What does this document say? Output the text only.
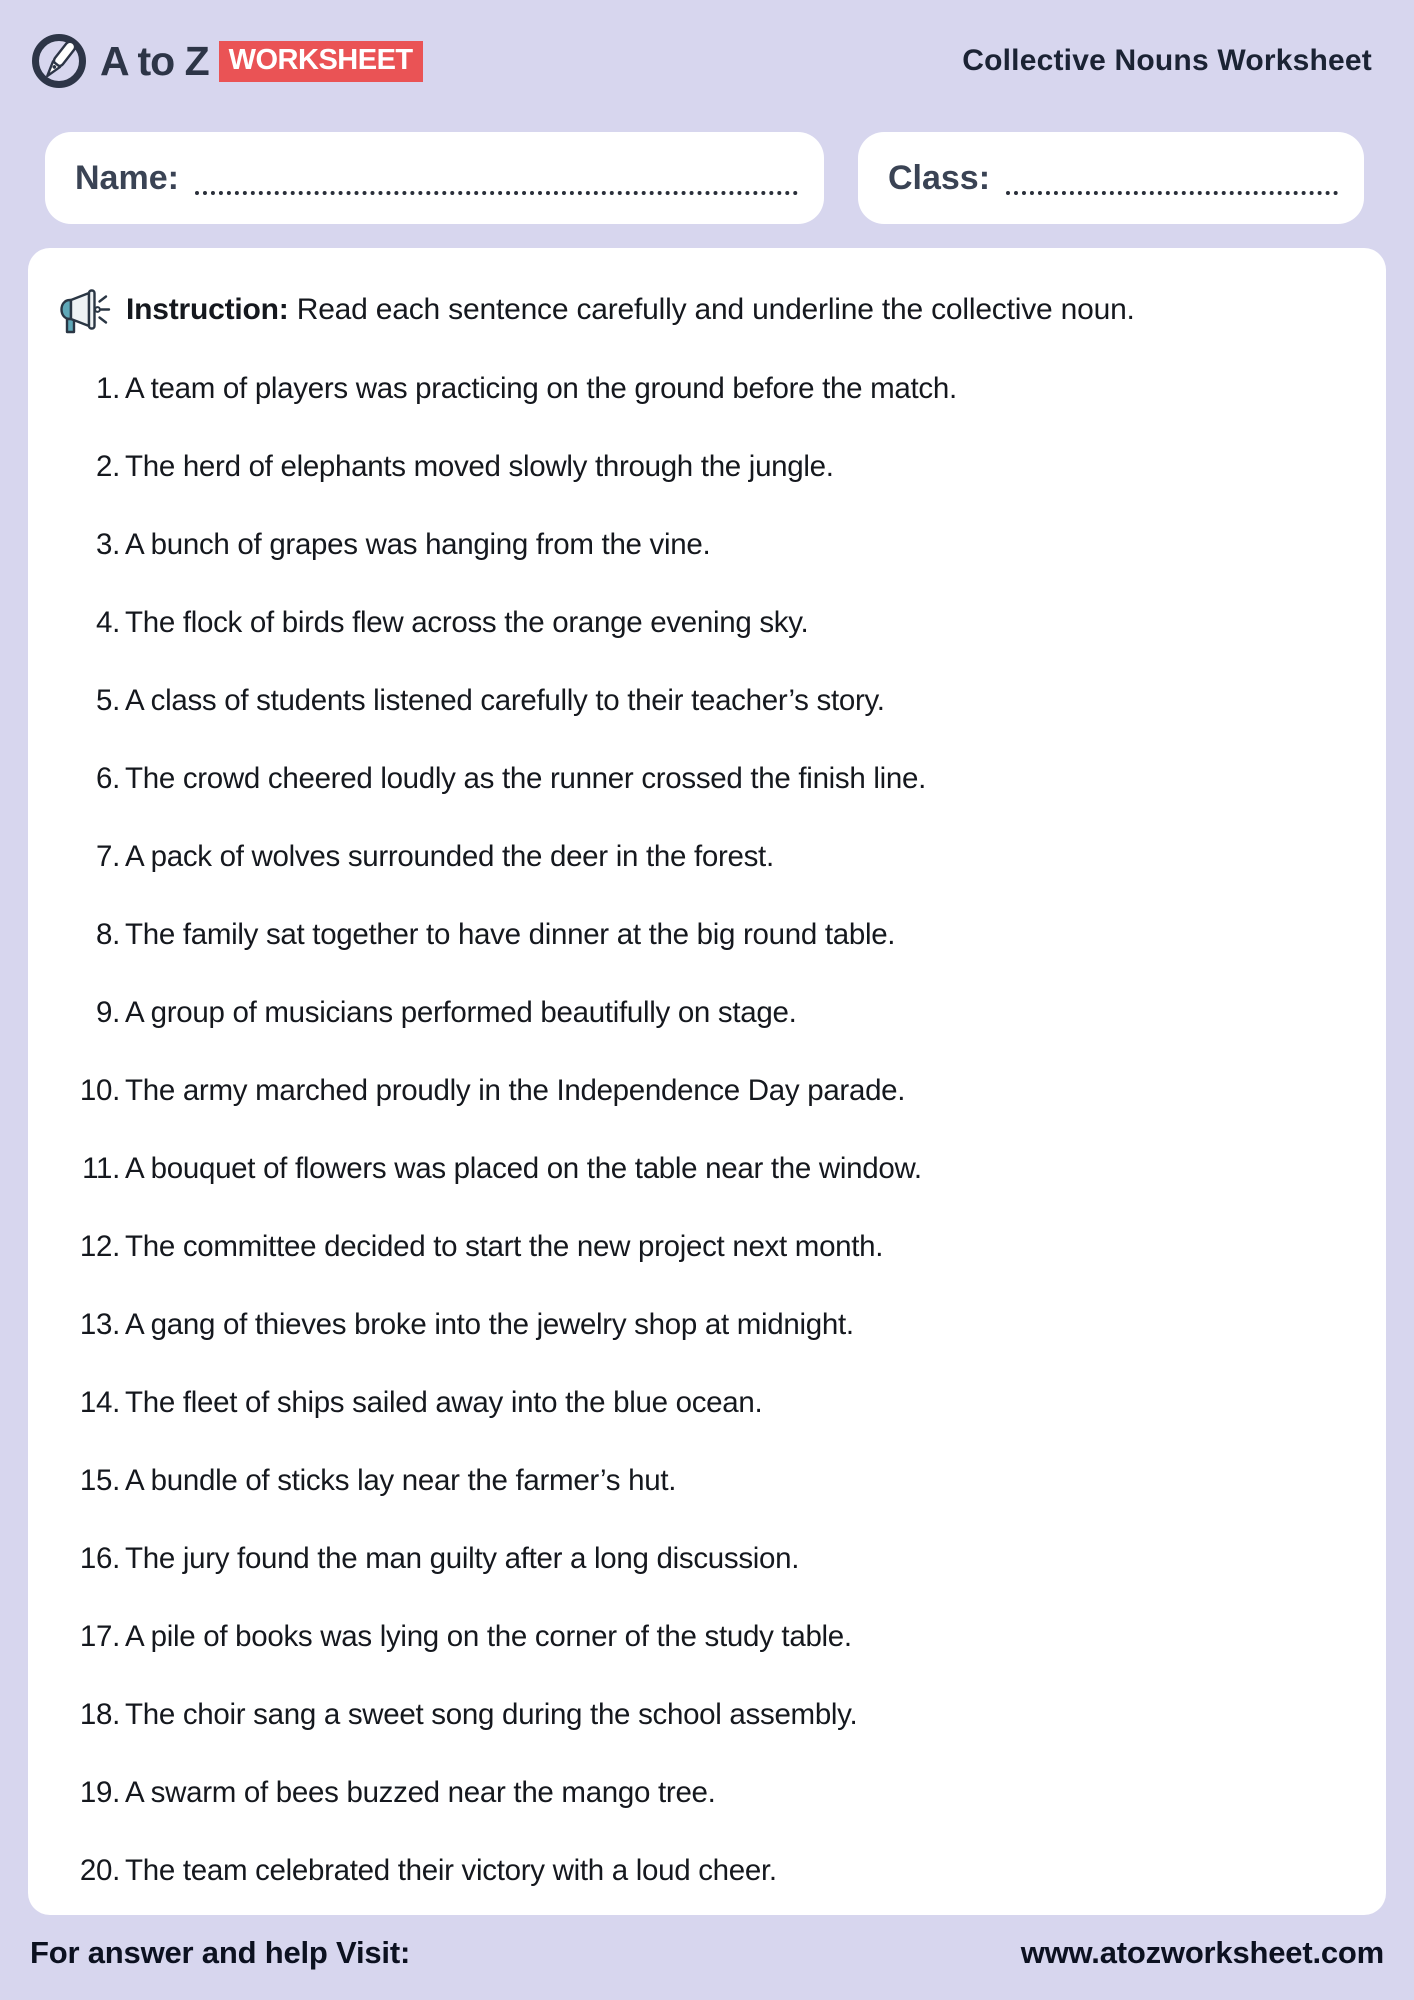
A to Z WORKSHEET	Collective Nouns Worksheet
Name:	Class:
Instruction: Read each sentence carefully and underline the collective noun.
1. A team of players was practicing on the ground before the match.
2. The herd of elephants moved slowly through the jungle.
3. A bunch of grapes was hanging from the vine.
4. The flock of birds flew across the orange evening sky.
5. A class of students listened carefully to their teacher’s story.
6. The crowd cheered loudly as the runner crossed the finish line.
7. A pack of wolves surrounded the deer in the forest.
8. The family sat together to have dinner at the big round table.
9. A group of musicians performed beautifully on stage.
10. The army marched proudly in the Independence Day parade.
11. A bouquet of flowers was placed on the table near the window.
12. The committee decided to start the new project next month.
13. A gang of thieves broke into the jewelry shop at midnight.
14. The fleet of ships sailed away into the blue ocean.
15. A bundle of sticks lay near the farmer’s hut.
16. The jury found the man guilty after a long discussion.
17. A pile of books was lying on the corner of the study table.
18. The choir sang a sweet song during the school assembly.
19. A swarm of bees buzzed near the mango tree.
20. The team celebrated their victory with a loud cheer.
For answer and help Visit:	www.atozworksheet.com
